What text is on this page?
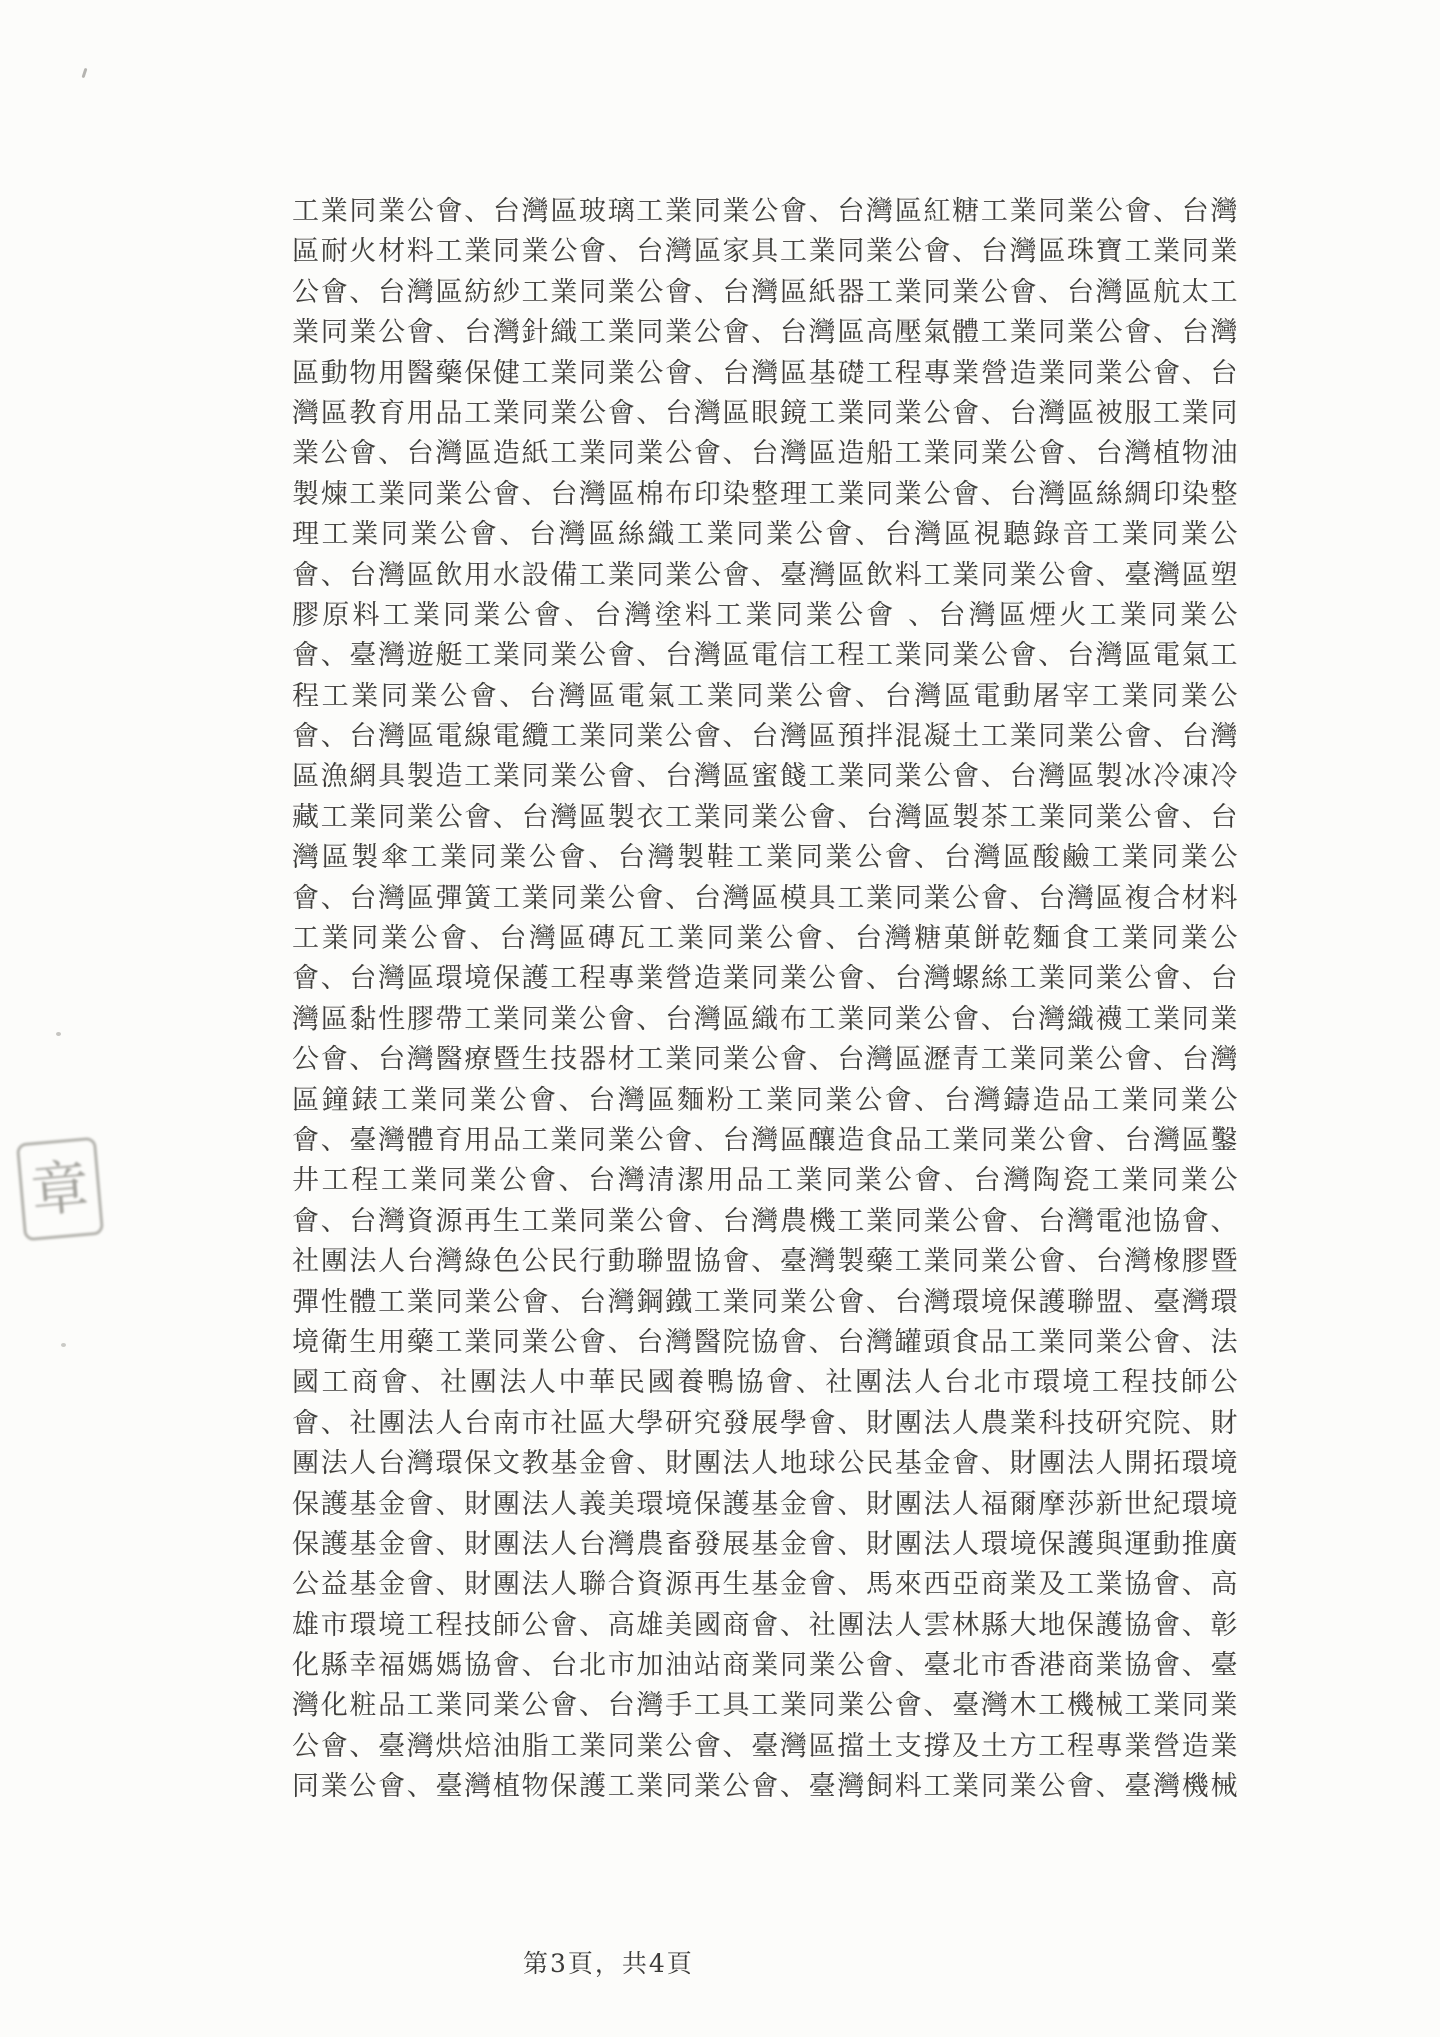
工業同業公會、台灣區玻璃工業同業公會、台灣區紅糖工業同業公會、台灣
區耐火材料工業同業公會、台灣區家具工業同業公會、台灣區珠寶工業同業
公會、台灣區紡紗工業同業公會、台灣區紙器工業同業公會、台灣區航太工
業同業公會、台灣針織工業同業公會、台灣區高壓氣體工業同業公會、台灣
區動物用醫藥保健工業同業公會、台灣區基礎工程專業營造業同業公會、台
灣區教育用品工業同業公會、台灣區眼鏡工業同業公會、台灣區被服工業同
業公會、台灣區造紙工業同業公會、台灣區造船工業同業公會、台灣植物油
製煉工業同業公會、台灣區棉布印染整理工業同業公會、台灣區絲綢印染整
理工業同業公會、台灣區絲織工業同業公會、台灣區視聽錄音工業同業公
會、台灣區飲用水設備工業同業公會、臺灣區飲料工業同業公會、臺灣區塑
膠原料工業同業公會、台灣塗料工業同業公會 、台灣區煙火工業同業公
會、臺灣遊艇工業同業公會、台灣區電信工程工業同業公會、台灣區電氣工
程工業同業公會、台灣區電氣工業同業公會、台灣區電動屠宰工業同業公
會、台灣區電線電纜工業同業公會、台灣區預拌混凝土工業同業公會、台灣
區漁網具製造工業同業公會、台灣區蜜餞工業同業公會、台灣區製冰冷凍冷
藏工業同業公會、台灣區製衣工業同業公會、台灣區製茶工業同業公會、台
灣區製傘工業同業公會、台灣製鞋工業同業公會、台灣區酸鹼工業同業公
會、台灣區彈簧工業同業公會、台灣區模具工業同業公會、台灣區複合材料
工業同業公會、台灣區磚瓦工業同業公會、台灣糖菓餅乾麵食工業同業公
會、台灣區環境保護工程專業營造業同業公會、台灣螺絲工業同業公會、台
灣區黏性膠帶工業同業公會、台灣區織布工業同業公會、台灣織襪工業同業
公會、台灣醫療暨生技器材工業同業公會、台灣區瀝青工業同業公會、台灣
區鐘錶工業同業公會、台灣區麵粉工業同業公會、台灣鑄造品工業同業公
會、臺灣體育用品工業同業公會、台灣區釀造食品工業同業公會、台灣區鑿
井工程工業同業公會、台灣清潔用品工業同業公會、台灣陶瓷工業同業公
會、台灣資源再生工業同業公會、台灣農機工業同業公會、台灣電池協會、
社團法人台灣綠色公民行動聯盟協會、臺灣製藥工業同業公會、台灣橡膠暨
彈性體工業同業公會、台灣鋼鐵工業同業公會、台灣環境保護聯盟、臺灣環
境衛生用藥工業同業公會、台灣醫院協會、台灣罐頭食品工業同業公會、法
國工商會、社團法人中華民國養鴨協會、社團法人台北市環境工程技師公
會、社團法人台南市社區大學研究發展學會、財團法人農業科技研究院、財
團法人台灣環保文教基金會、財團法人地球公民基金會、財團法人開拓環境
保護基金會、財團法人義美環境保護基金會、財團法人福爾摩莎新世紀環境
保護基金會、財團法人台灣農畜發展基金會、財團法人環境保護與運動推廣
公益基金會、財團法人聯合資源再生基金會、馬來西亞商業及工業協會、高
雄市環境工程技師公會、高雄美國商會、社團法人雲林縣大地保護協會、彰
化縣幸福媽媽協會、台北市加油站商業同業公會、臺北市香港商業協會、臺
灣化粧品工業同業公會、台灣手工具工業同業公會、臺灣木工機械工業同業
公會、臺灣烘焙油脂工業同業公會、臺灣區擋土支撐及土方工程專業營造業
同業公會、臺灣植物保護工業同業公會、臺灣飼料工業同業公會、臺灣機械
章
第3頁，共4頁
